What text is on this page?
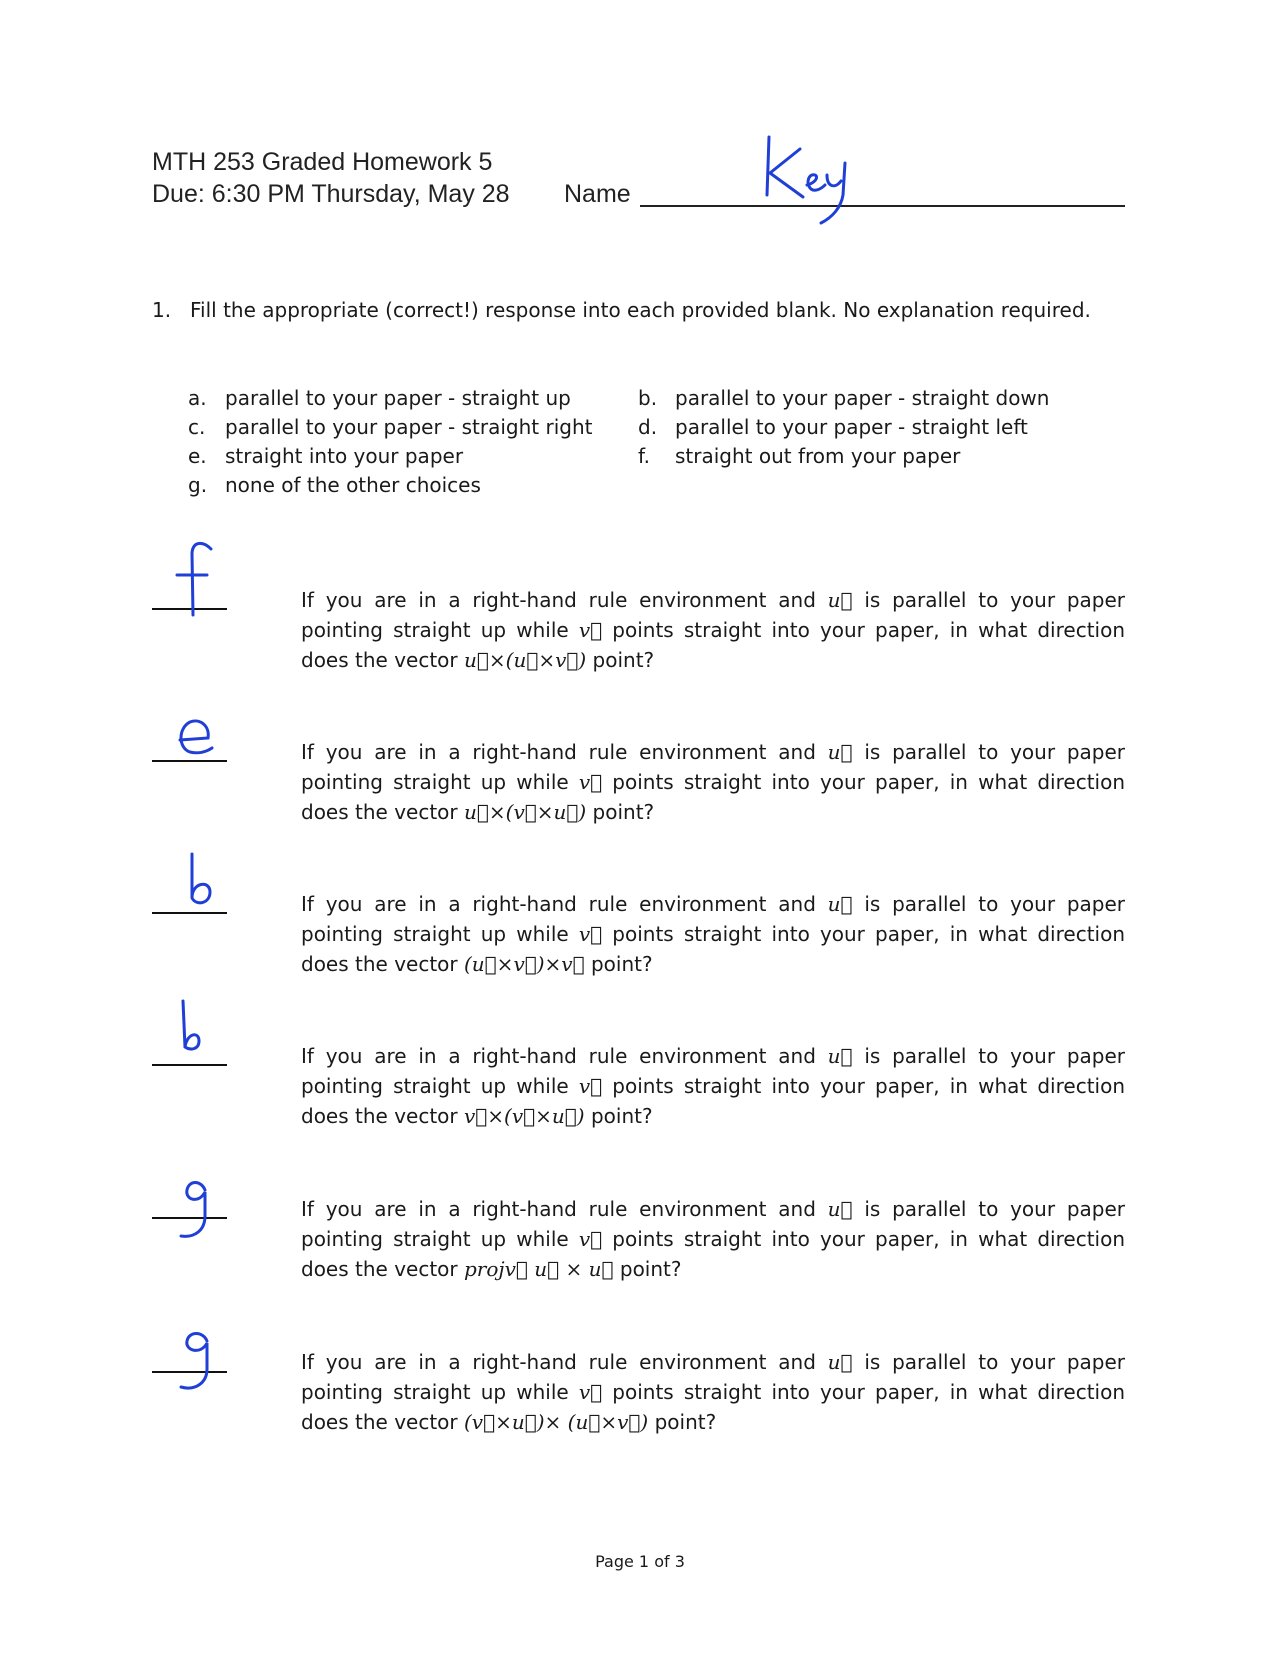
MTH 253 Graded Homework 5
Due: 6:30 PM Thursday, May 28 Name
1. Fill the appropriate (correct!) response into each provided blank. No explanation required.
a. parallel to your paper - straight up	b. parallel to your paper - straight down
c. parallel to your paper - straight right d. parallel to your paper - straight left
e. straight into your paper	f. straight out from your paper
g. none of the other choices
If you are in a right-hand rule environment and u⃗ is parallel to your paper pointing straight up while v⃗ points straight into your paper, in what direction does the vector u⃗×(u⃗×v⃗) point?
If you are in a right-hand rule environment and u⃗ is parallel to your paper pointing straight up while v⃗ points straight into your paper, in what direction does the vector u⃗×(v⃗×u⃗) point?
If you are in a right-hand rule environment and u⃗ is parallel to your paper pointing straight up while v⃗ points straight into your paper, in what direction does the vector (u⃗×v⃗)×v⃗ point?
If you are in a right-hand rule environment and u⃗ is parallel to your paper pointing straight up while v⃗ points straight into your paper, in what direction does the vector v⃗×(v⃗×u⃗) point?
If you are in a right-hand rule environment and u⃗ is parallel to your paper pointing straight up while v⃗ points straight into your paper, in what direction does the vector projv⃗ u⃗ × u⃗ point?
If you are in a right-hand rule environment and u⃗ is parallel to your paper pointing straight up while v⃗ points straight into your paper, in what direction does the vector (v⃗×u⃗)× (u⃗×v⃗) point?
Page 1 of 3
